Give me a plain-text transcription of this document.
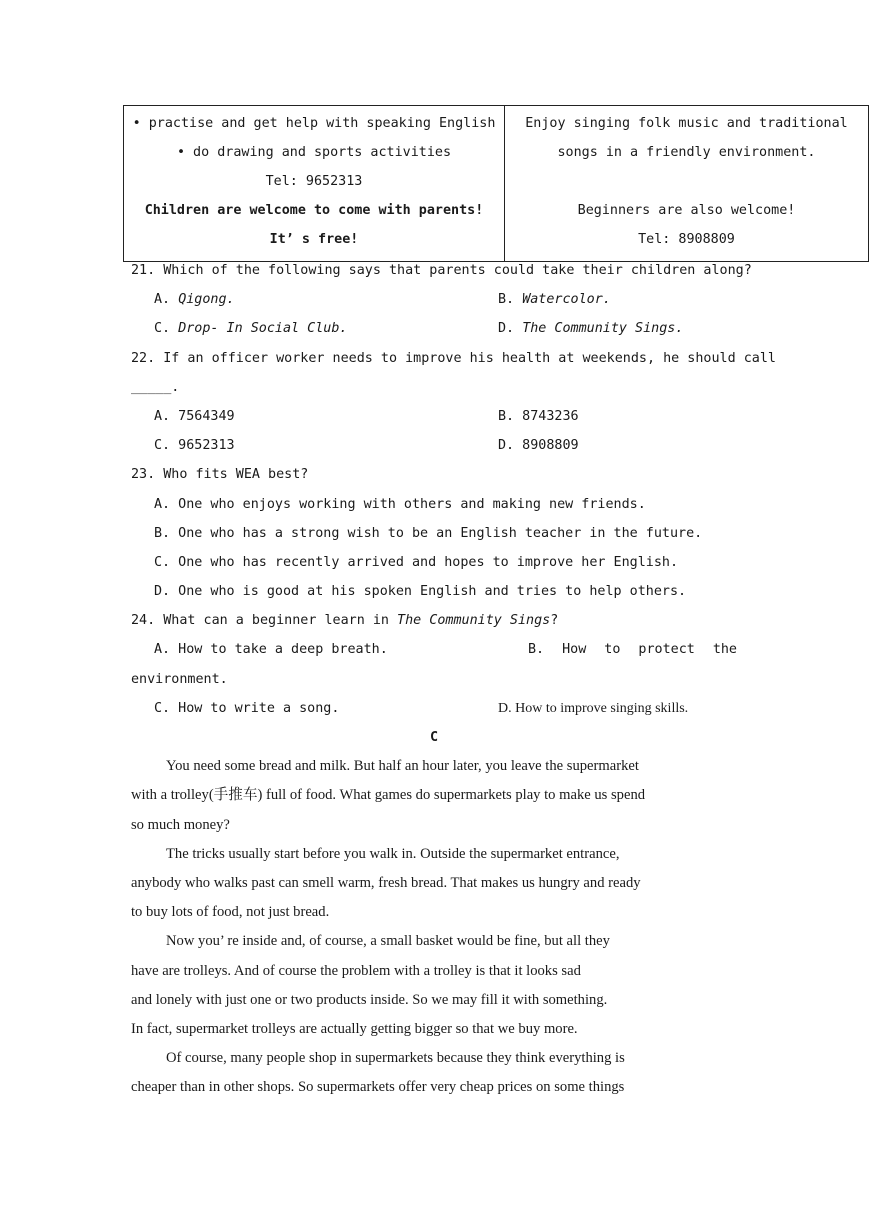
• practise and get help with speaking English
• do drawing and sports activities
Tel: 9652313
Children are welcome to come with parents!
It’ s free!

Enjoy singing folk music and traditional
songs in a friendly environment.
Beginners are also welcome!
Tel: 8908809
21. Which of the following says that parents could take their children along?
A. Qigong.	B. Watercolor.
C. Drop- In Social Club.	D. The Community Sings.
22. If an officer worker needs to improve his health at weekends, he should call
_____.
A. 7564349	B. 8743236
C. 9652313	D. 8908809
23. Who fits WEA best?
A. One who enjoys working with others and making new friends.
B. One who has a strong wish to be an English teacher in the future.
C. One who has recently arrived and hopes to improve her English.
D. One who is good at his spoken English and tries to help others.
24. What can a beginner learn in The Community Sings?
A. How to take a deep breath.	B. How to protect the
environment.
C. How to write a song.	D. How to improve singing skills.
C
You need some bread and milk. But half an hour later, you leave the supermarket
with a trolley(手推车) full of food. What games do supermarkets play to make us spend
so much money?
The tricks usually start before you walk in. Outside the supermarket entrance,
anybody who walks past can smell warm, fresh bread. That makes us hungry and ready
to buy lots of food, not just bread.
Now you’ re inside and, of course, a small basket would be fine, but all they
have are trolleys. And of course the problem with a trolley is that it looks sad
and lonely with just one or two products inside. So we may fill it with something.
In fact, supermarket trolleys are actually getting bigger so that we buy more.
Of course, many people shop in supermarkets because they think everything is
cheaper than in other shops. So supermarkets offer very cheap prices on some things
